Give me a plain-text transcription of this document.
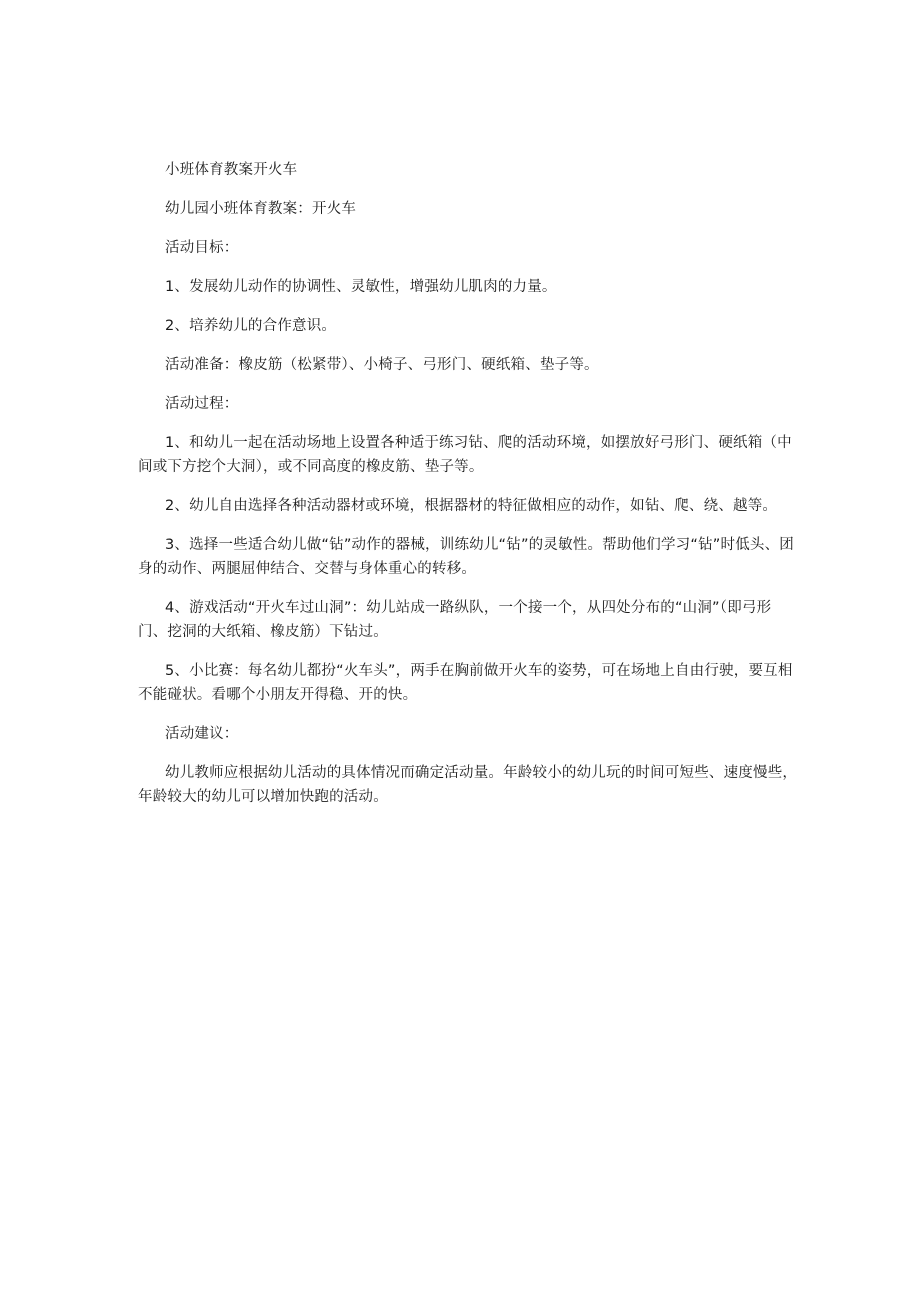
小班体育教案开火车

幼儿园小班体育教案：开火车

活动目标：

1、发展幼儿动作的协调性、灵敏性，增强幼儿肌肉的力量。

2、培养幼儿的合作意识。

活动准备：橡皮筋（松紧带）、小椅子、弓形门、硬纸箱、垫子等。

活动过程：

1、和幼儿一起在活动场地上设置各种适于练习钻、爬的活动环境，如摆放好弓形门、硬纸箱（中间或下方挖个大洞），或不同高度的橡皮筋、垫子等。

2、幼儿自由选择各种活动器材或环境，根据器材的特征做相应的动作，如钻、爬、绕、越等。

3、选择一些适合幼儿做“钻”动作的器械，训练幼儿“钻”的灵敏性。帮助他们学习“钻”时低头、团身的动作、两腿屈伸结合、交替与身体重心的转移。

4、游戏活动“开火车过山洞”：幼儿站成一路纵队，一个接一个，从四处分布的“山洞”（即弓形门、挖洞的大纸箱、橡皮筋）下钻过。

5、小比赛：每名幼儿都扮“火车头”，两手在胸前做开火车的姿势，可在场地上自由行驶，要互相不能碰状。看哪个小朋友开得稳、开的快。

活动建议：

幼儿教师应根据幼儿活动的具体情况而确定活动量。年龄较小的幼儿玩的时间可短些、速度慢些，年龄较大的幼儿可以增加快跑的活动。
